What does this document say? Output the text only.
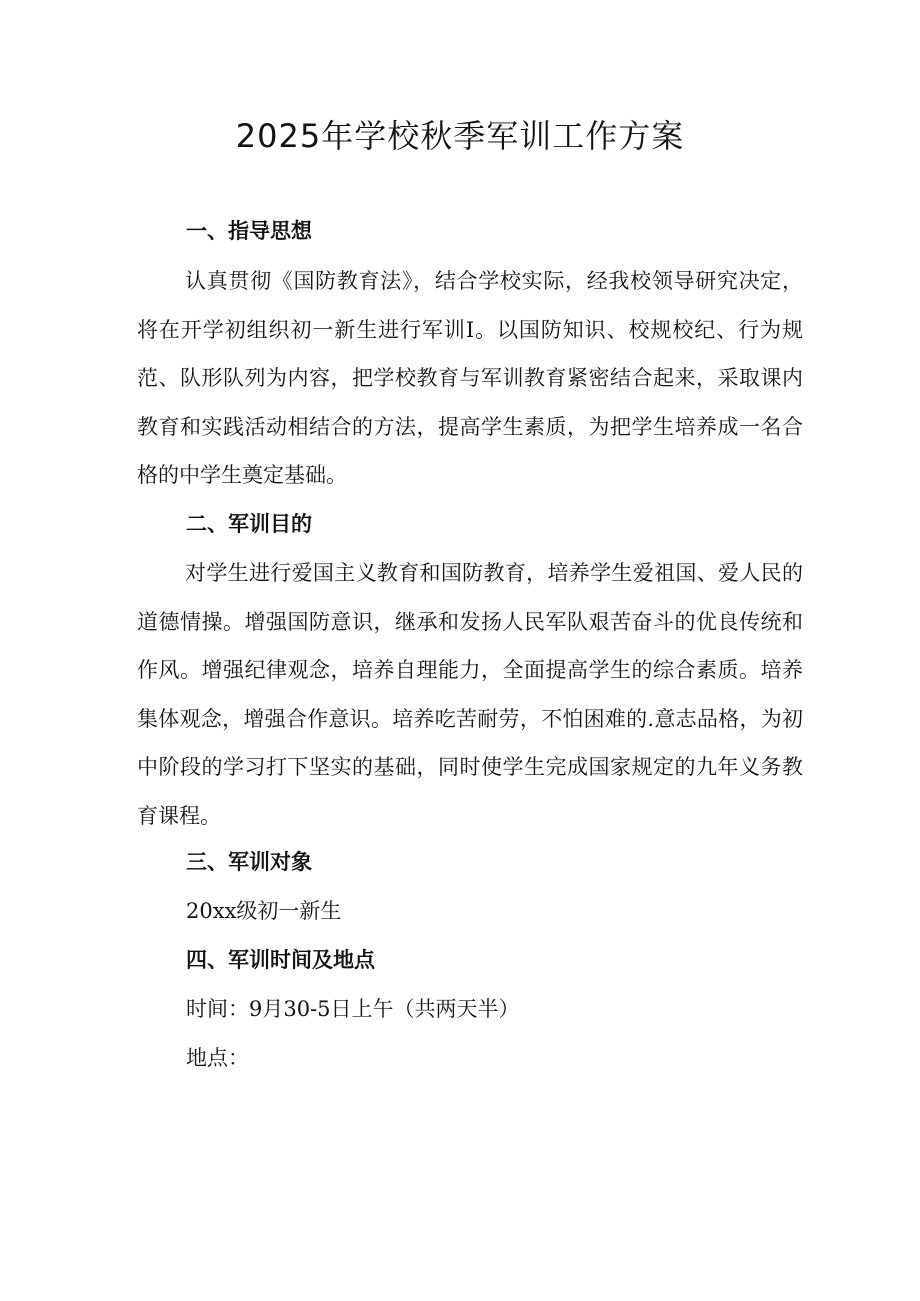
2025年学校秋季军训工作方案
一、指导思想

认真贯彻《国防教育法》，结合学校实际，经我校领导研究决定，将在开学初组织初一新生进行军训I。以国防知识、校规校纪、行为规范、队形队列为内容，把学校教育与军训教育紧密结合起来，采取课内教育和实践活动相结合的方法，提高学生素质，为把学生培养成一名合格的中学生奠定基础。

二、军训目的

对学生进行爱国主义教育和国防教育，培养学生爱祖国、爱人民的道德情操。增强国防意识，继承和发扬人民军队艰苦奋斗的优良传统和作风。增强纪律观念，培养自理能力，全面提高学生的综合素质。培养集体观念，增强合作意识。培养吃苦耐劳，不怕困难的.意志品格，为初中阶段的学习打下坚实的基础，同时使学生完成国家规定的九年义务教育课程。

三、军训对象

20xx级初一新生

四、军训时间及地点

时间：9月30-5日上午（共两天半）

地点：
